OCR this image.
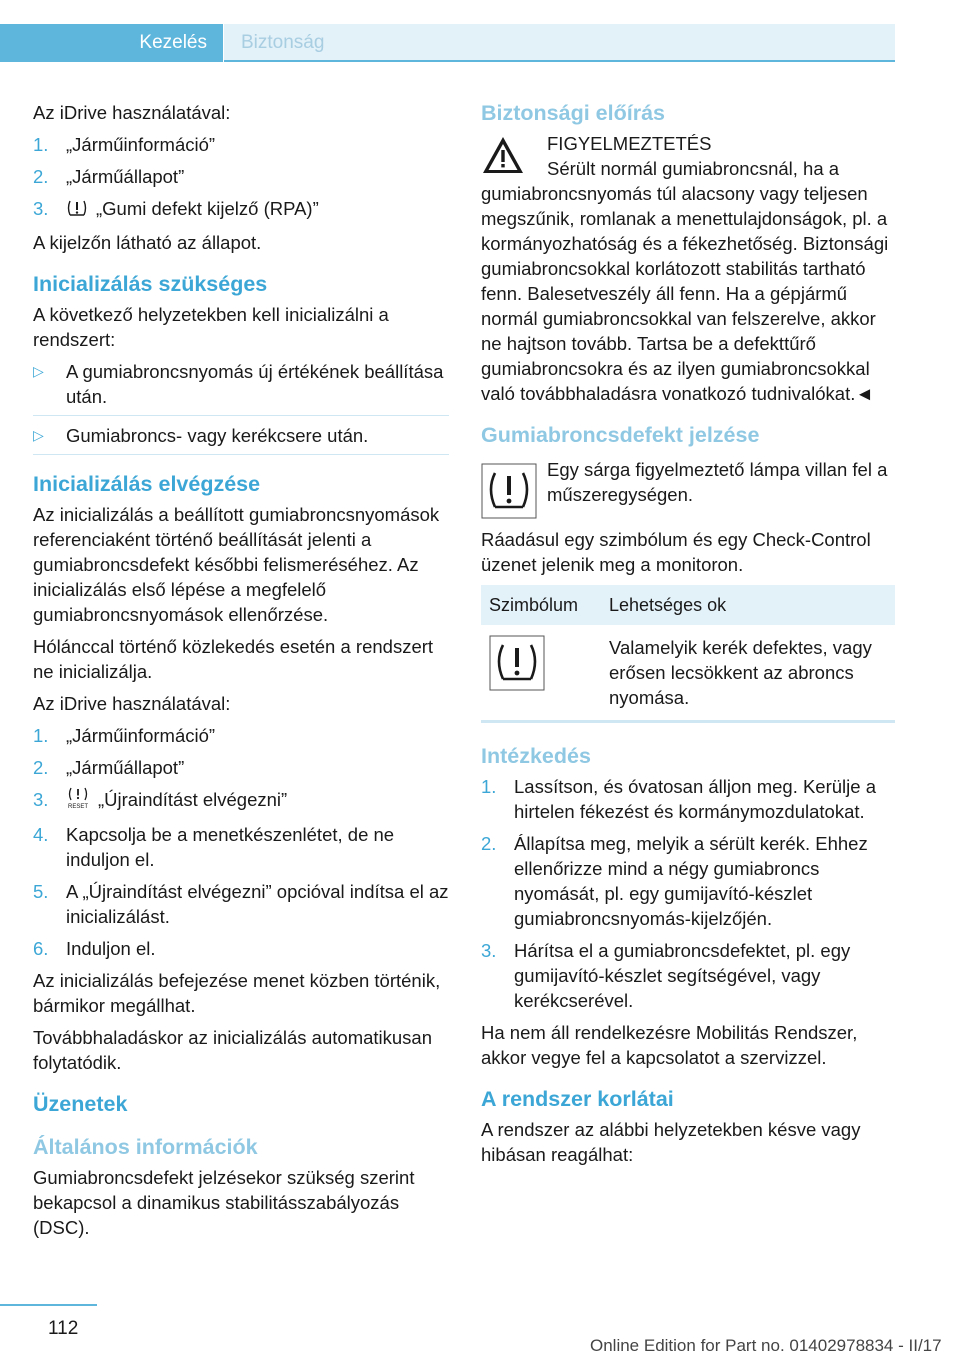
Kezelés	Biztonság

Az iDrive használatával:

1. „Járműinformáció”
2. „Járműállapot”
3.	„Gumi defekt kijelző (RPA)”

A kijelzőn látható az állapot.

Inicializálás szükséges

A következő helyzetekben kell inicializálni a rendszert:

▷ A gumiabroncsnyomás új értékének beállítása után.
▷ Gumiabroncs- vagy kerékcsere után.
Inicializálás elvégzése

Az inicializálás a beállított gumiabroncsnyomások referenciaként történő beállítását jelenti a gumiabroncsdefekt későbbi felismeréséhez. Az inicializálás első lépése a megfelelő gumiabroncsnyomások ellenőrzése.

Hólánccal történő közlekedés esetén a rendszert ne inicializálja.

Az iDrive használatával:

1. „Járműinformáció”
2. „Járműállapot”
3.	RESET „Újraindítást elvégezni”
4. Kapcsolja be a menetkészenlétet, de ne induljon el.
5. A „Újraindítást elvégezni” opcióval indítsa el az inicializálást.
6. Induljon el.

Az inicializálás befejezése menet közben történik, bármikor megállhat.

Továbbhaladáskor az inicializálás automatikusan folytatódik.

Üzenetek
Általános információk

Gumiabroncsdefekt jelzésekor szükség szerint bekapcsol a dinamikus stabilitásszabályozás (DSC).

Biztonsági előírás
FIGYELMEZTETÉS

Sérült normál gumiabroncsnál, ha a gumiabroncsnyomás túl alacsony vagy teljesen megszűnik, romlanak a menettulajdonságok, pl. a kormányozhatóság és a fékezhetőség. Biztonsági gumiabroncsokkal korlátozott stabilitás tartható fenn. Balesetveszély áll fenn. Ha a gépjármű normál gumiabroncsokkal van felszerelve, akkor ne hajtson tovább. Tartsa be a defekttűrő gumiabroncsokra és az ilyen gumiabroncsokkal való továbbhaladásra vonatkozó tudnivalókat.◄

Gumiabroncsdefekt jelzése

Egy sárga figyelmeztető lámpa villan fel a műszeregységen.

Ráadásul egy szimbólum és egy Check-Control üzenet jelenik meg a monitoron.

Szimbólum	Lehetséges ok
	Valamelyik kerék defektes, vagy erősen lecsökkent az abroncs nyomása.
Intézkedés
1. Lassítson, és óvatosan álljon meg. Kerülje a hirtelen fékezést és kormánymozdulatokat.
2. Állapítsa meg, melyik a sérült kerék. Ehhez ellenőrizze mind a négy gumiabroncs nyomását, pl. egy gumijavító-készlet gumiabroncsnyomás-kijelzőjén.
3. Hárítsa el a gumiabroncsdefektet, pl. egy gumijavító-készlet segítségével, vagy kerékcserével.

Ha nem áll rendelkezésre Mobilitás Rendszer, akkor vegye fel a kapcsolatot a szervizzel.

A rendszer korlátai

A rendszer az alábbi helyzetekben késve vagy hibásan reagálhat:

112
Online Edition for Part no. 01402978834 - II/17
